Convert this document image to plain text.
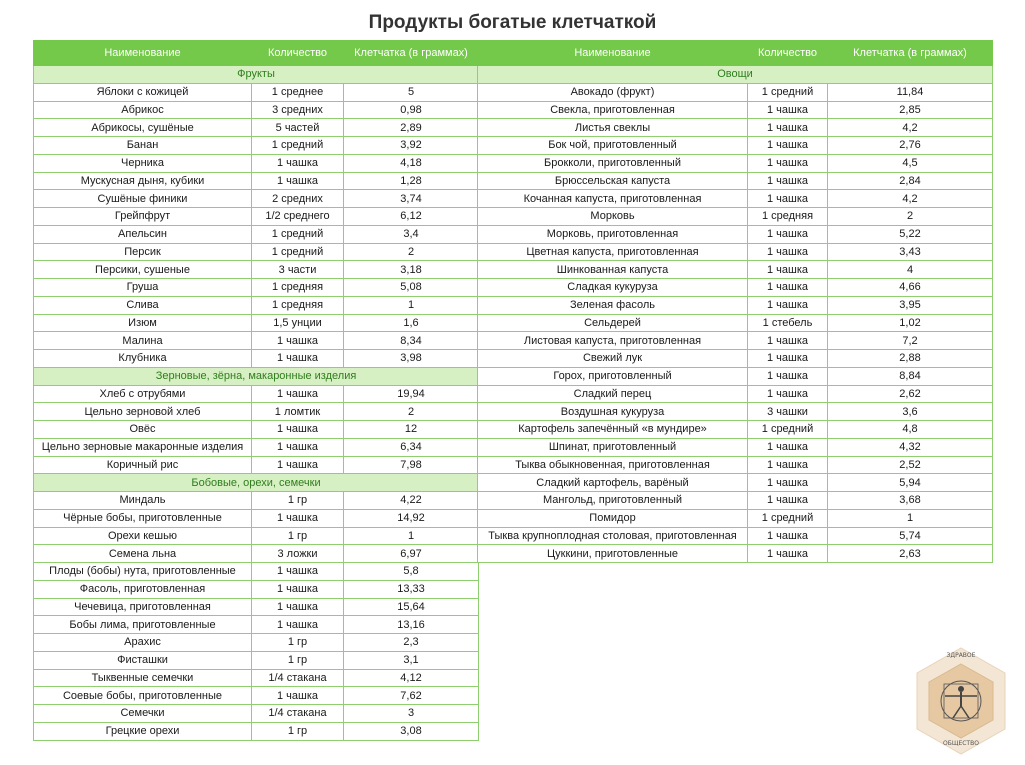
Продукты богатые клетчаткой
Наименование	Количество	Клетчатка (в граммах)
Фрукты		
Яблоки с кожицей	1 среднее	5
Абрикос	3 средних	0,98
Абрикосы, сушёные	5 частей	2,89
Банан	1 средний	3,92
Черника	1 чашка	4,18
Мускусная дыня, кубики	1 чашка	1,28
Сушёные финики	2 средних	3,74
Грейпфрут	1/2 среднего	6,12
Апельсин	1 средний	3,4
Персик	1 средний	2
Персики, сушеные	3 части	3,18
Груша	1 средняя	5,08
Слива	1 средняя	1
Изюм	1,5 унции	1,6
Малина	1 чашка	8,34
Клубника	1 чашка	3,98
Зерновые, зёрна, макаронные изделия		
Хлеб с отрубями	1 чашка	19,94
Цельно зерновой хлеб	1 ломтик	2
Овёс	1 чашка	12
Цельно зерновые макаронные изделия	1 чашка	6,34
Коричный рис	1 чашка	7,98
Бобовые, орехи, семечки		
Миндаль	1 гр	4,22
Чёрные бобы, приготовленные	1 чашка	14,92
Орехи кешью	1 гр	1
Семена льна	3 ложки	6,97
Плоды (бобы) нута, приготовленные	1 чашка	5,8
Фасоль, приготовленная	1 чашка	13,33
Чечевица, приготовленная	1 чашка	15,64
Бобы лима, приготовленные	1 чашка	13,16
Арахис	1 гр	2,3
Фисташки	1 гр	3,1
Тыквенные семечки	1/4 стакана	4,12
Соевые бобы, приготовленные	1 чашка	7,62
Семечки	1/4 стакана	3
Грецкие орехи	1 гр	3,08
Наименование	Количество	Клетчатка (в граммах)
Овощи		
Авокадо (фрукт)	1 средний	11,84
Свекла, приготовленная	1 чашка	2,85
Листья свеклы	1 чашка	4,2
Бок чой, приготовленный	1 чашка	2,76
Брокколи, приготовленный	1 чашка	4,5
Брюссельская капуста	1 чашка	2,84
Кочанная капуста, приготовленная	1 чашка	4,2
Морковь	1 средняя	2
Морковь, приготовленная	1 чашка	5,22
Цветная капуста, приготовленная	1 чашка	3,43
Шинкованная капуста	1 чашка	4
Сладкая кукуруза	1 чашка	4,66
Зеленая фасоль	1 чашка	3,95
Сельдерей	1 стебель	1,02
Листовая капуста, приготовленная	1 чашка	7,2
Свежий лук	1 чашка	2,88
Горох, приготовленный	1 чашка	8,84
Сладкий перец	1 чашка	2,62
Воздушная кукуруза	3 чашки	3,6
Картофель запечённый «в мундире»	1 средний	4,8
Шпинат, приготовленный	1 чашка	4,32
Тыква обыкновенная, приготовленная	1 чашка	2,52
Сладкий картофель, варёный	1 чашка	5,94
Мангольд, приготовленный	1 чашка	3,68
Помидор	1 средний	1
Тыква крупноплодная столовая, приготовленная	1 чашка	5,74
Цуккини, приготовленные	1 чашка	2,63
ЗДРАВОЕ
ОБЩЕСТВО
